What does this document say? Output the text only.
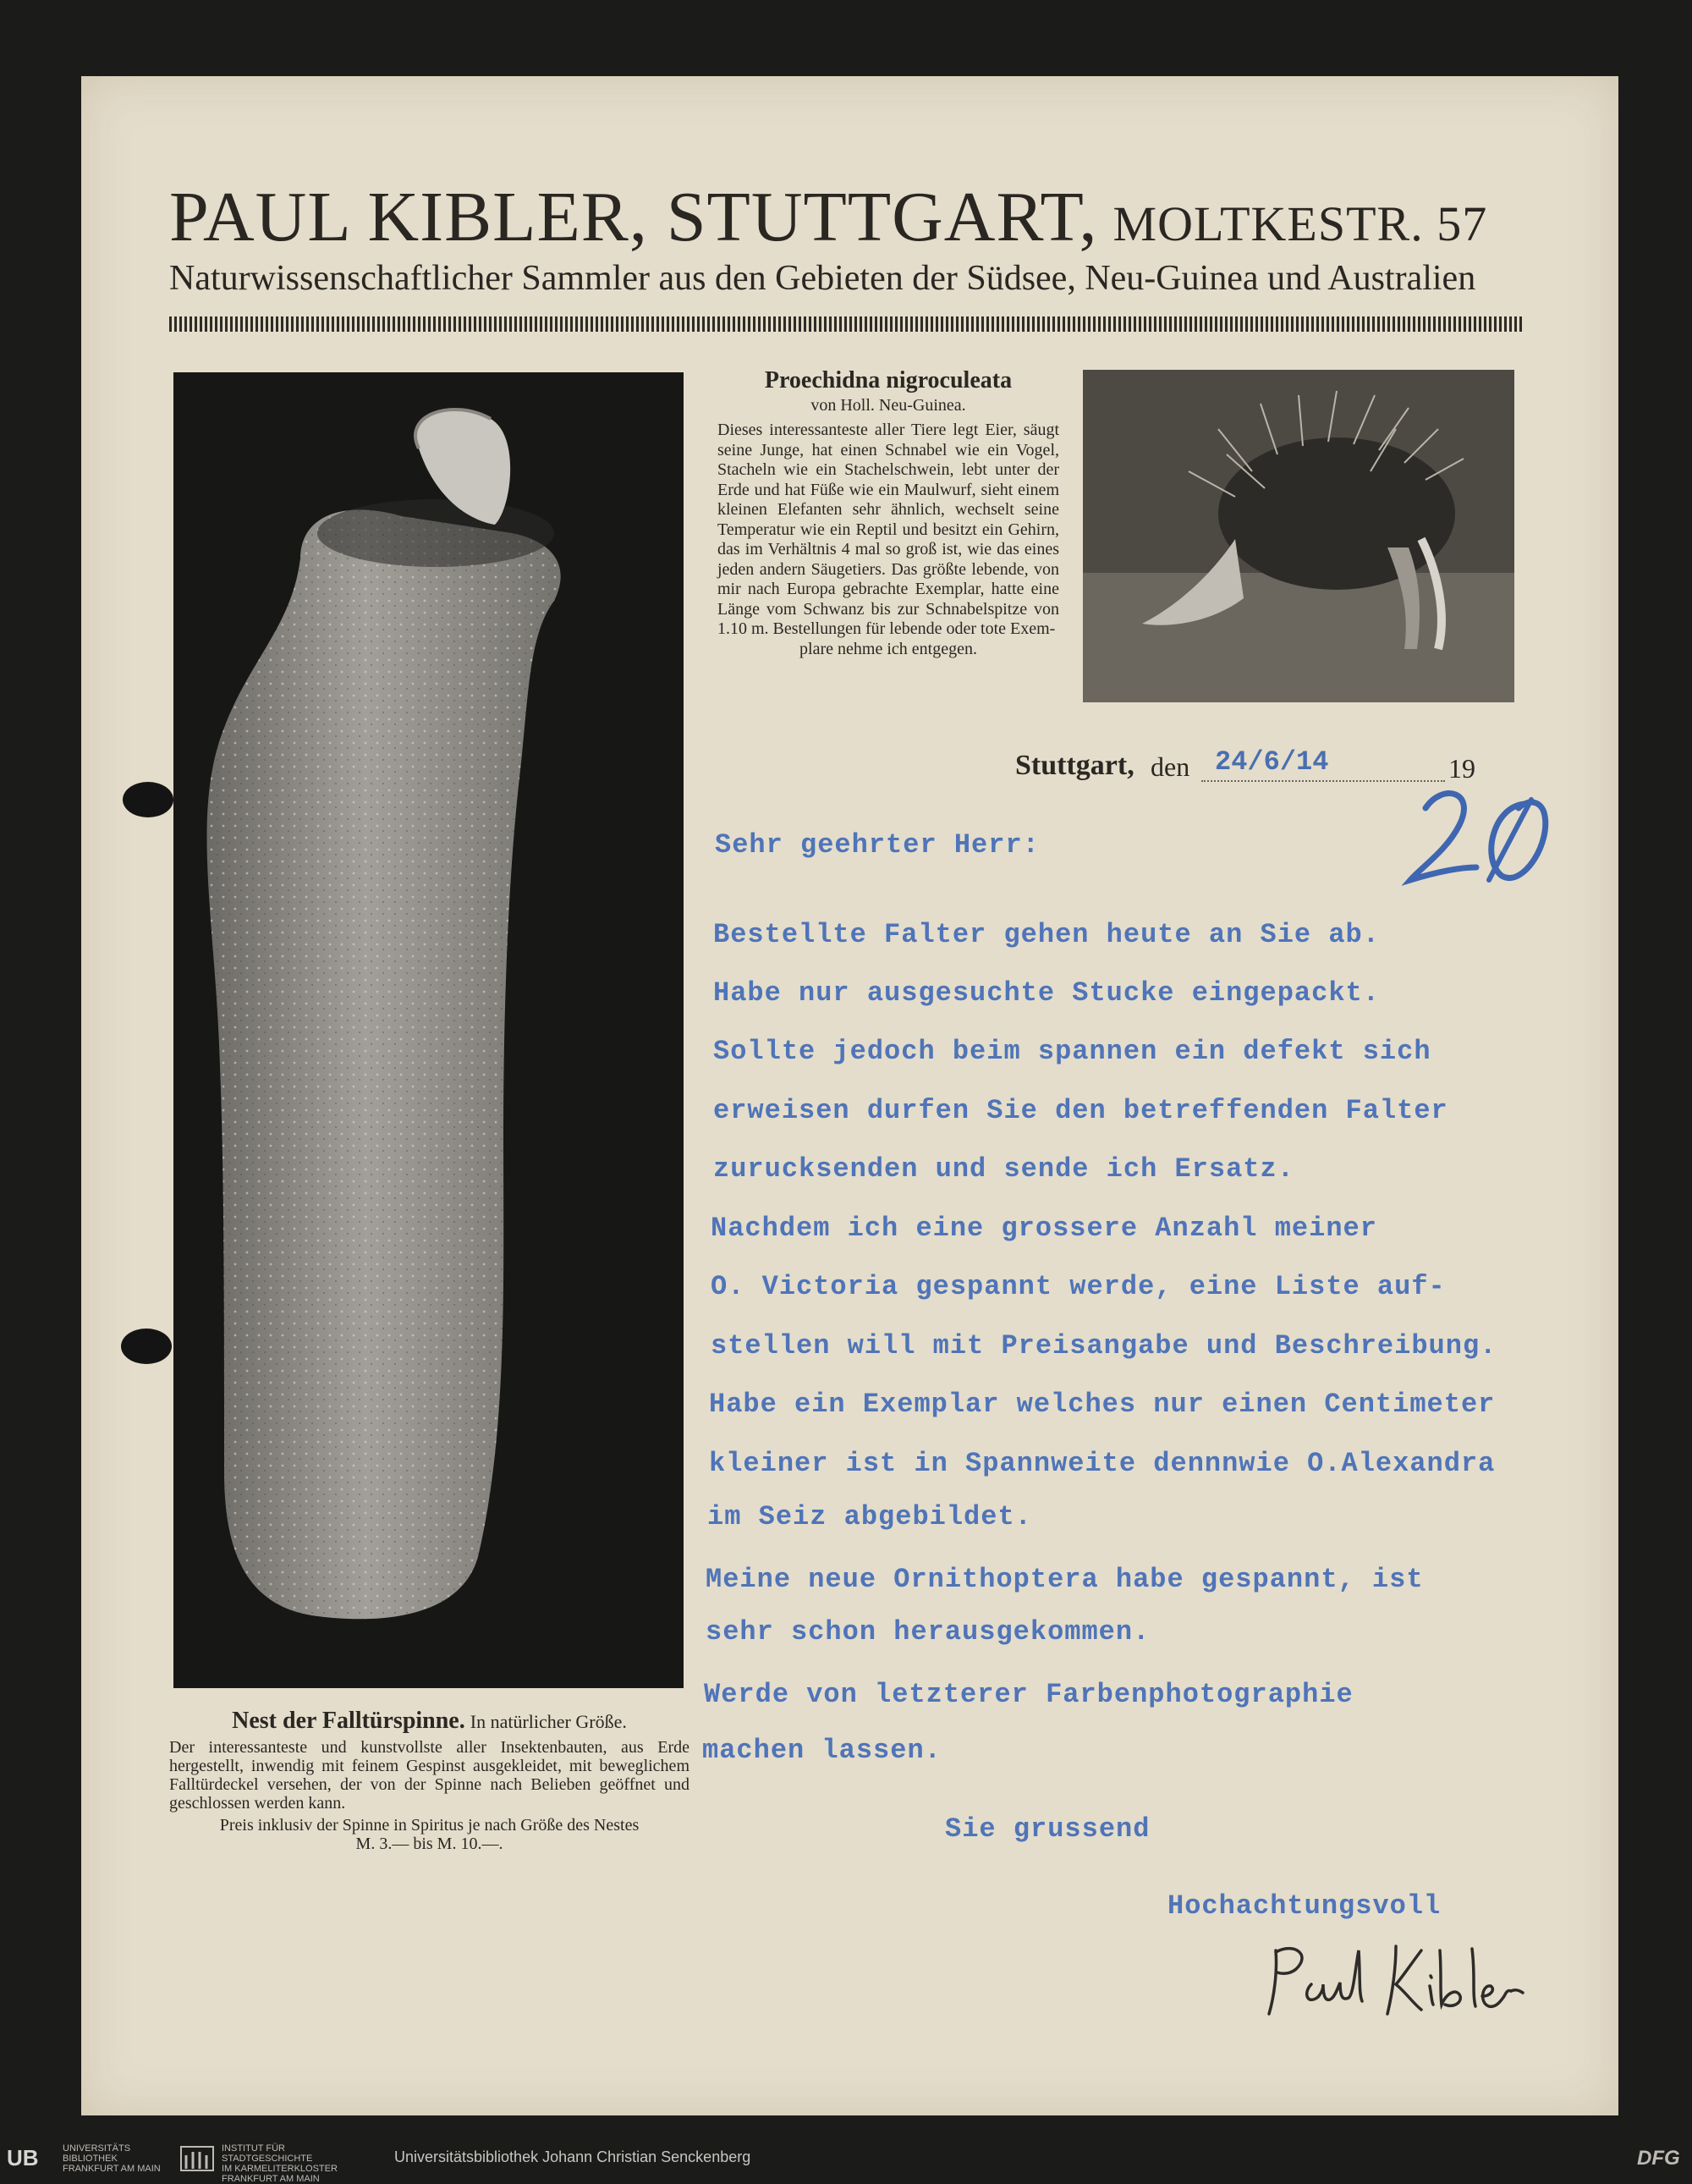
PAUL KIBLER, STUTTGART, MOLTKESTR. 57
Naturwissenschaftlicher Sammler aus den Gebieten der Südsee, Neu-Guinea und Australien
Proechidna nigroculeata
von Holl. Neu-Guinea.
Dieses interessanteste aller Tiere legt Eier, säugt seine Junge, hat einen Schnabel wie ein Vogel, Stacheln wie ein Stachelschwein, lebt unter der Erde und hat Füße wie ein Maulwurf, sieht einem kleinen Elefanten sehr ähnlich, wechselt seine Temperatur wie ein Reptil und besitzt ein Gehirn, das im Verhältnis 4 mal so groß ist, wie das eines jeden andern Säugetiers. Das größte lebende, von mir nach Europa gebrachte Exemplar, hatte eine Länge vom Schwanz bis zur Schnabelspitze von 1.10 m. Bestellungen für lebende oder tote Exem-
plare nehme ich entgegen.
Nest der Falltürspinne. In natürlicher Größe.

Der interessanteste und kunstvollste aller Insektenbauten, aus Erde hergestellt, inwendig mit feinem Gespinst ausgekleidet, mit beweglichem Falltürdeckel versehen, der von der Spinne nach Belieben geöffnet und geschlossen werden kann.

Preis inklusiv der Spinne in Spiritus je nach Größe des Nestes

M. 3.— bis M. 10.—.

Stuttgart, den 24/6/14	19
Sehr geehrter Herr:
Bestellte Falter gehen heute an Sie ab.
Habe nur ausgesuchte Stucke eingepackt.
Sollte jedoch beim spannen ein defekt sich
erweisen durfen Sie den betreffenden Falter
zurucksenden und sende ich Ersatz.
Nachdem ich eine grossere Anzahl meiner
O. Victoria gespannt werde, eine Liste auf-
stellen will mit Preisangabe und Beschreibung.
Habe ein Exemplar welches nur einen Centimeter
kleiner ist in Spannweite dennnwie O.Alexandra
im Seiz abgebildet.
Meine neue Ornithoptera habe gespannt, ist
sehr schon herausgekommen.
Werde von letzterer Farbenphotographie
machen lassen.
Sie grussend
Hochachtungsvoll
UB	UNIVERSITÄTS
BIBLIOTHEK
FRANKFURT AM MAIN
INSTITUT FÜR
STADTGESCHICHTE
IM KARMELITERKLOSTER
FRANKFURT AM MAIN
Universitätsbibliothek Johann Christian Senckenberg	DFG
